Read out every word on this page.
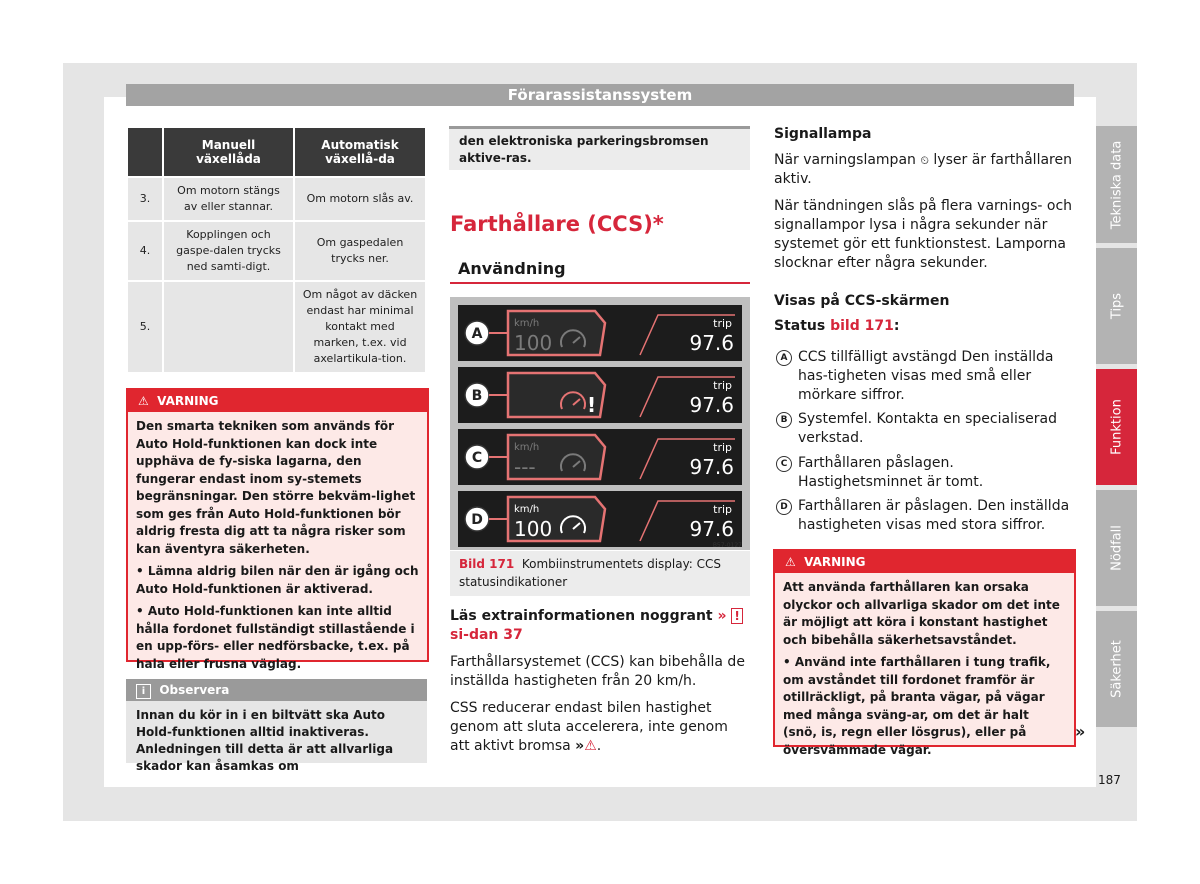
Förarassistanssystem
Tekniska data
Tips
Funktion
Nödfall
Säkerhet
187
	Manuell växellåda	Automatisk växellå-da
3.	Om motorn stängs av eller stannar.	Om motorn slås av.
4.	Kopplingen och gaspe-dalen trycks ned samti-digt.	Om gaspedalen trycks ner.
5.		Om något av däcken endast har minimal kontakt med marken, t.ex. vid axelartikula-tion.
⚠ VARNING

Den smarta tekniken som används för Auto Hold-funktionen kan dock inte upphäva de fy-siska lagarna, den fungerar endast inom sy-stemets begränsningar. Den större bekväm-lighet som ges från Auto Hold-funktionen bör aldrig fresta dig att ta några risker som kan äventyra säkerheten.

• Lämna aldrig bilen när den är igång och Auto Hold-funktionen är aktiverad.

• Auto Hold-funktionen kan inte alltid hålla fordonet fullständigt stillastående i en upp-förs- eller nedförsbacke, t.ex. på hala eller frusna väglag.

i Observera
Innan du kör in i en biltvätt ska Auto Hold-funktionen alltid inaktiveras. Anledningen till detta är att allvarliga skador kan åsamkas om
den elektroniska parkeringsbromsen aktive-ras.
Farthållare (CCS)*
Användning
A
km/h
100
trip
97.6
B	!
trip
97.6
C
km/h
---
trip
97.6
D
km/h
100
trip
97.6
B57-0127
Bild 171 Kombiinstrumentets display: CCS statusindikationer
Läs extrainformationen noggrant » ! si-dan 37
Farthållarsystemet (CCS) kan bibehålla de inställda hastigheten från 20 km/h.
CSS reducerar endast bilen hastighet genom att sluta accelerera, inte genom att aktivt bromsa »⚠.
Signallampa
När varningslampan ⏲ lyser är farthållaren aktiv.
När tändningen slås på flera varnings- och signallampor lysa i några sekunder när systemet gör ett funktionstest. Lamporna slocknar efter några sekunder.
Visas på CCS-skärmen
Status bild 171:
A CCS tillfälligt avstängd Den inställda has-tigheten visas med små eller mörkare siffror.
B Systemfel. Kontakta en specialiserad verkstad.
C Farthållaren påslagen. Hastighetsminnet är tomt.
D Farthållaren är påslagen. Den inställda hastigheten visas med stora siffror.
⚠ VARNING

Att använda farthållaren kan orsaka olyckor och allvarliga skador om det inte är möjligt att köra i konstant hastighet och bibehålla säkerhetsavståndet.

• Använd inte farthållaren i tung trafik, om avståndet till fordonet framför är otillräckligt, på branta vägar, på vägar med många sväng-ar, om det är halt (snö, is, regn eller lösgrus), eller på översvämmade vägar.

»
